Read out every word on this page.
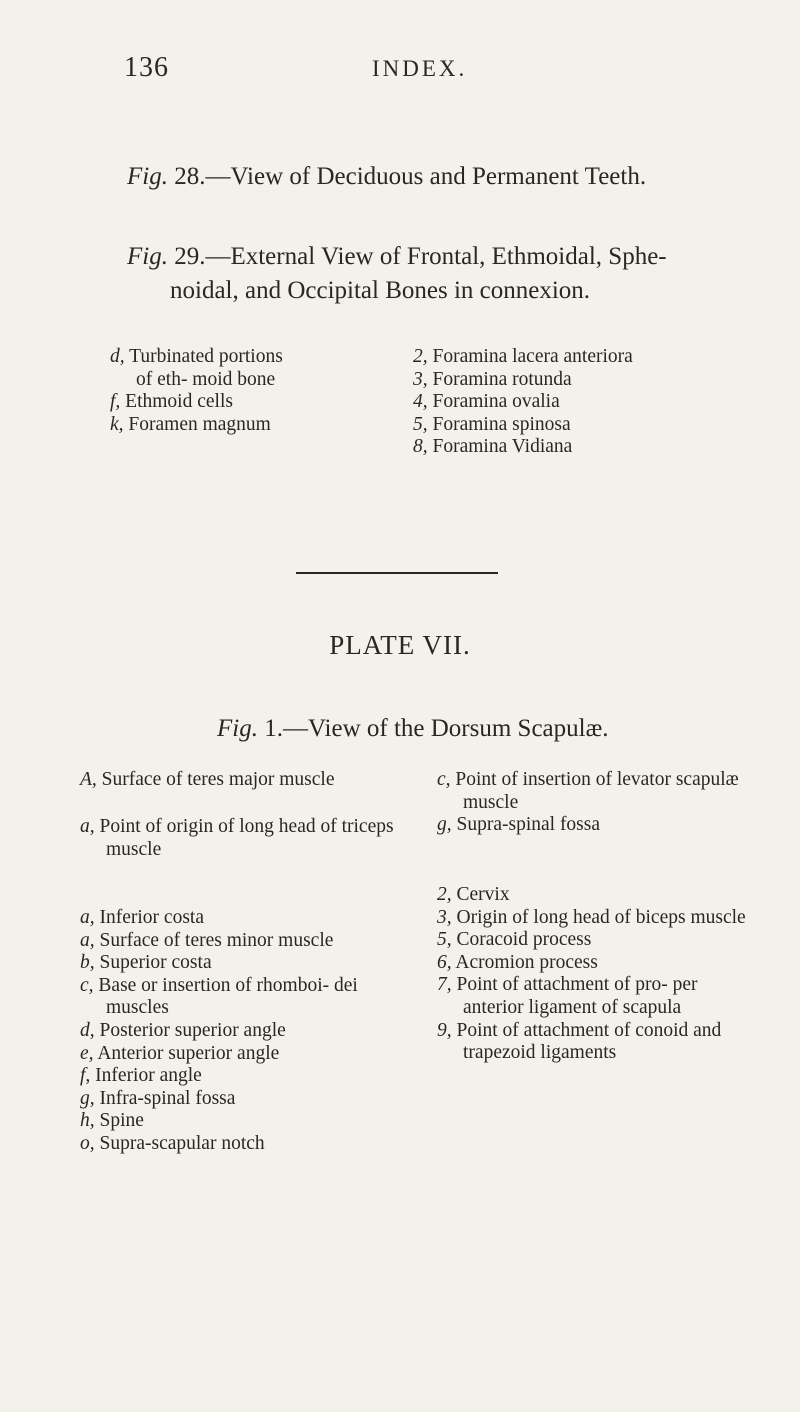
136	INDEX.
Fig. 28.—View of Deciduous and Permanent Teeth.
Fig. 29.—External View of Frontal, Ethmoidal, Sphe-
noidal, and Occipital Bones in connexion.

d, Turbinated portions of eth- moid bone

f, Ethmoid cells

k, Foramen magnum

2, Foramina lacera anteriora

3, Foramina rotunda

4, Foramina ovalia

5, Foramina spinosa

8, Foramina Vidiana

PLATE VII.
Fig. 1.—View of the Dorsum Scapulæ.

A, Surface of teres major muscle

a, Point of origin of long head of triceps muscle

a, Inferior costa

a, Surface of teres minor muscle

b, Superior costa

c, Base or insertion of rhomboi- dei muscles

d, Posterior superior angle

e, Anterior superior angle

f, Inferior angle

g, Infra-spinal fossa

h, Spine

o, Supra-scapular notch

c, Point of insertion of levator scapulæ muscle

g, Supra-spinal fossa

2, Cervix

3, Origin of long head of biceps muscle

5, Coracoid process

6, Acromion process

7, Point of attachment of pro- per anterior ligament of scapula

9, Point of attachment of conoid and trapezoid ligaments
